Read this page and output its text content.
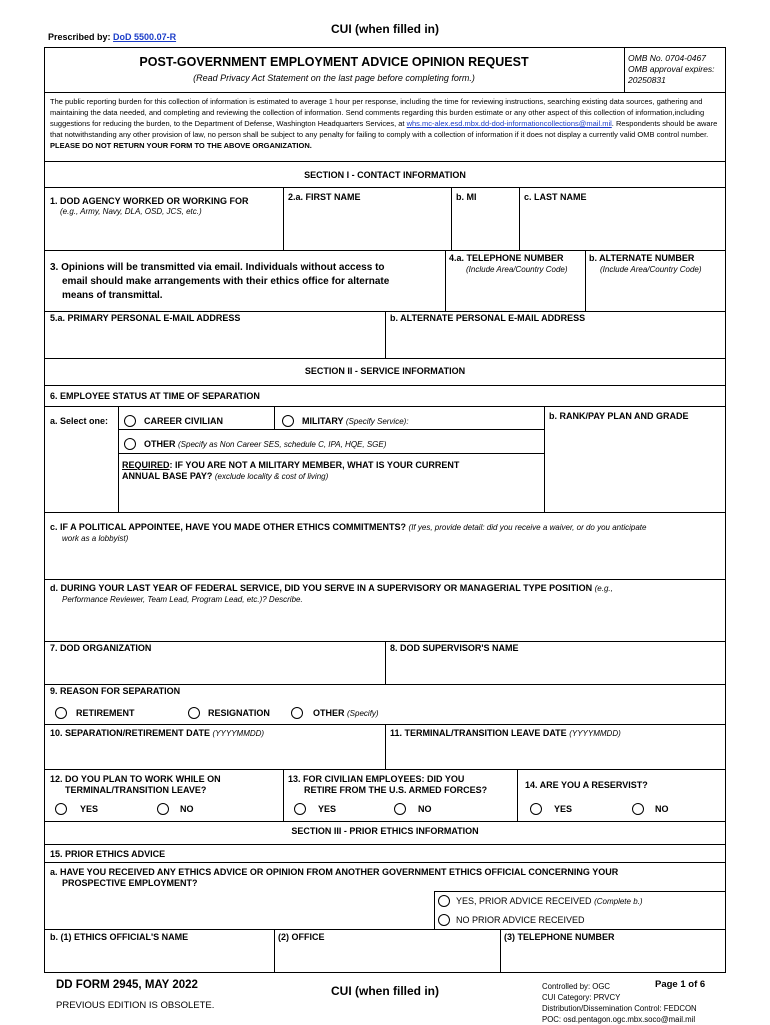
Prescribed by: DoD 5500.07-R
CUI (when filled in)
POST-GOVERNMENT EMPLOYMENT ADVICE OPINION REQUEST
(Read Privacy Act Statement on the last page before completing form.)
OMB No. 0704-0467
OMB approval expires:
20250831
The public reporting burden for this collection of information is estimated to average 1 hour per response, including the time for reviewing instructions, searching existing data sources, gathering and maintaining the data needed, and completing and reviewing the collection of information. Send comments regarding this burden estimate or any other aspect of this collection of information,including suggestions for reducing the burden, to the Department of Defense, Washington Headquarters Services, at whs.mc-alex.esd.mbx.dd-dod-informationcollections@mail.mil. Respondents should be aware that notwithstanding any other provision of law, no person shall be subject to any penalty for failing to comply with a collection of information if it does not display a currently valid OMB control number.
PLEASE DO NOT RETURN YOUR FORM TO THE ABOVE ORGANIZATION.
SECTION I - CONTACT INFORMATION
1. DOD AGENCY WORKED OR WORKING FOR
(e.g., Army, Navy, DLA, OSD, JCS, etc.)
2.a. FIRST NAME	b. MI	c. LAST NAME
3. Opinions will be transmitted via email. Individuals without access to
email should make arrangements with their ethics office for alternate
means of transmittal.
4.a. TELEPHONE NUMBER
(Include Area/Country Code)
b. ALTERNATE NUMBER
(Include Area/Country Code)
5.a. PRIMARY PERSONAL E-MAIL ADDRESS	b. ALTERNATE PERSONAL E-MAIL ADDRESS
SECTION II - SERVICE INFORMATION
6. EMPLOYEE STATUS AT TIME OF SEPARATION
a. Select one:	CAREER CIVILIAN	MILITARY (Specify Service):
OTHER (Specify as Non Career SES, schedule C, IPA, HQE, SGE)
REQUIRED: IF YOU ARE NOT A MILITARY MEMBER, WHAT IS YOUR CURRENT
ANNUAL BASE PAY? (exclude locality & cost of living)
b. RANK/PAY PLAN AND GRADE
c. IF A POLITICAL APPOINTEE, HAVE YOU MADE OTHER ETHICS COMMITMENTS? (If yes, provide detail: did you receive a waiver, or do you anticipate
work as a lobbyist)
d. DURING YOUR LAST YEAR OF FEDERAL SERVICE, DID YOU SERVE IN A SUPERVISORY OR MANAGERIAL TYPE POSITION (e.g.,
Performance Reviewer, Team Lead, Program Lead, etc.)? Describe.
7. DOD ORGANIZATION	8. DOD SUPERVISOR'S NAME
9. REASON FOR SEPARATION
RETIREMENT	RESIGNATION	OTHER (Specify)
10. SEPARATION/RETIREMENT DATE (YYYYMMDD)	11. TERMINAL/TRANSITION LEAVE DATE (YYYYMMDD)
12. DO YOU PLAN TO WORK WHILE ON
TERMINAL/TRANSITION LEAVE?
YES	NO
13. FOR CIVILIAN EMPLOYEES: DID YOU
RETIRE FROM THE U.S. ARMED FORCES?
YES	NO
14. ARE YOU A RESERVIST?
YES	NO
SECTION III - PRIOR ETHICS INFORMATION
15. PRIOR ETHICS ADVICE
a. HAVE YOU RECEIVED ANY ETHICS ADVICE OR OPINION FROM ANOTHER GOVERNMENT ETHICS OFFICIAL CONCERNING YOUR
PROSPECTIVE EMPLOYMENT?
YES, PRIOR ADVICE RECEIVED (Complete b.)
NO PRIOR ADVICE RECEIVED
b. (1) ETHICS OFFICIAL'S NAME	(2) OFFICE	(3) TELEPHONE NUMBER
DD FORM 2945, MAY 2022
PREVIOUS EDITION IS OBSOLETE.
CUI (when filled in)	Controlled by: OGC
CUI Category: PRVCY
Distribution/Dissemination Control: FEDCON
POC: osd.pentagon.ogc.mbx.soco@mail.mil
Page 1 of 6
